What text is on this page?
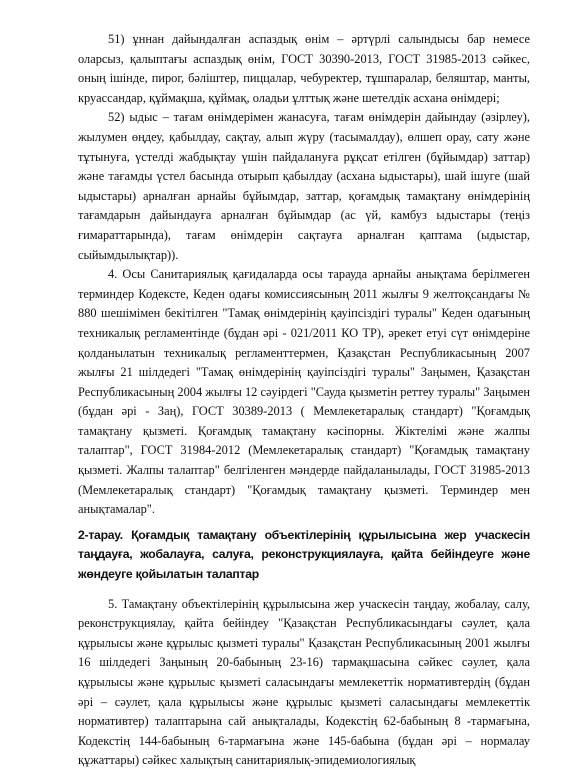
51) ұннан дайындалған аспаздық өнім – әртүрлі салындысы бар немесе оларсыз, қалыптағы аспаздық өнім, ГОСТ 30390-2013, ГОСТ 31985-2013 сәйкес, оның ішінде, пирог, бәліштер, пиццалар, чебуректер, тұшпаралар, беляштар, манты, круассандар, құймақша, құймақ, оладьи ұлттық және шетелдік асхана өнімдері;

52) ыдыс – тағам өнімдерімен жанасуға, тағам өнімдерін дайындау (әзірлеу), жылумен өңдеу, қабылдау, сақтау, алып жүру (тасымалдау), өлшеп орау, сату және тұтынуға, үстелді жабдықтау үшін пайдалануға рұқсат етілген (бұйымдар) заттар) және тағамды үстел басында отырып қабылдау (асхана ыдыстары), шай ішуге (шай ыдыстары) арналған арнайы бұйымдар, заттар, қоғамдық тамақтану өнімдерінің тағамдарын дайындауға арналған бұйымдар (ас үй, камбуз ыдыстары (теңіз ғимараттарында), тағам өнімдерін сақтауға арналған қаптама (ыдыстар, сыйымдылықтар)).

4. Осы Санитариялық қағидаларда осы тарауда арнайы анықтама берілмеген терминдер Кодексте, Кеден одағы комиссиясының 2011 жылғы 9 желтоқсандағы № 880 шешімімен бекітілген "Тамақ өнімдерінің қауіпсіздігі туралы" Кеден одағының техникалық регламентінде (бұдан әрі - 021/2011 КО ТР), әрекет етуі сүт өнімдеріне қолданылатын техникалық регламенттермен, Қазақстан Республикасының 2007 жылғы 21 шілдедегі "Тамақ өнімдерінің қауіпсіздігі туралы" Заңымен, Қазақстан Республикасының 2004 жылғы 12 сәуірдегі "Сауда қызметін реттеу туралы" Заңымен (бұдан әрі - Заң), ГОСТ 30389-2013 ( Мемлекетаралық стандарт) "Қоғамдық тамақтану қызметі. Қоғамдық тамақтану кәсіпорны. Жіктелімі және жалпы талаптар", ГОСТ 31984-2012 (Мемлекетаралық стандарт) "Қоғамдық тамақтану қызметі. Жалпы талаптар" белгіленген мәндерде пайдаланылады, ГОСТ 31985-2013 (Мемлекетаралық стандарт) "Қоғамдық тамақтану қызметі. Терминдер мен анықтамалар".

2-тарау. Қоғамдық тамақтану объектілерінің құрылысына жер учаскесін таңдауға, жобалауға, салуға, реконструкциялауға, қайта бейіндеуге және жөндеуге қойылатын талаптар

5. Тамақтану объектілерінің құрылысына жер учаскесін таңдау, жобалау, салу, реконструкциялау, қайта бейіндеу "Қазақстан Республикасындағы сәулет, қала құрылысы және құрылыс қызметі туралы" Қазақстан Республикасының 2001 жылғы 16 шілдедегі Заңының 20-бабының 23-16) тармақшасына сәйкес сәулет, қала құрылысы және құрылыс қызметі саласындағы мемлекеттік нормативтердің (бұдан әрі – сәулет, қала құрылысы және құрылыс қызметі саласындағы мемлекеттік нормативтер) талаптарына сай анықталады, Кодекстің 62-бабының 8 -тармағына, Кодекстің 144-бабының 6-тармағына және 145-бабына (бұдан әрі – нормалау құжаттары) сәйкес халықтың санитариялық-эпидемиологиялық
